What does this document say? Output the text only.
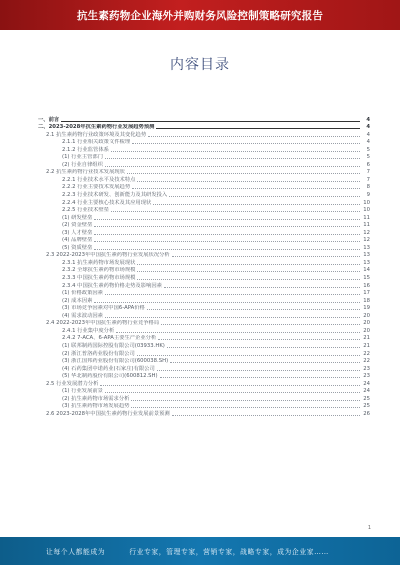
抗生素药物企业海外并购财务风险控制策略研究报告
内容目录
一、前言	4
二、2023-2028年抗生素药物行业发展趋势预测	4
2.1 抗生素药物行业政策环境及其变化趋势	4
2.1.1 行业相关政策文件梳理	4
2.1.2 行业监管体系	5
(1) 行业主管部门	5
(2) 行业自律组织	6
2.2 抗生素药物行业技术发展现状	7
2.2.1 行业技术水平及技术特点	7
2.2.2 行业主要技术发展趋势	8
2.2.3 行业技术研发、创新能力及其研发投入	9
2.2.4 行业主要核心技术及其应用现状	10
2.2.5 行业技术壁垒	10
(1) 研发壁垒	11
(2) 资金壁垒	11
(3) 人才壁垒	12
(4) 品牌壁垒	12
(5) 资质壁垒	13
2.3 2022-2023年中国抗生素药物行业发展状况分析	13
2.3.1 抗生素药物市场发展现状	13
2.3.2 全球抗生素药物市场规模	14
2.3.3 中国抗生素药物市场规模	15
2.3.4 中国抗生素药物价格走势及影响因素	16
(1) 价格政策因素	17
(2) 成本因素	18
(3) 市场竞争因素对中国6-APA价格	19
(4) 需求波动因素	20
2.4 2022-2023年中国抗生素药物行业竞争格局	20
2.4.1 行业集中度分析	20
2.4.2 7-ACA、6-APA主要生产企业分析	21
(1) 联邦制药国际控股有限公司(03933.HK)	21
(2) 浙江普洛药业股份有限公司	22
(3) 浙江国邦药业股份有限公司(600038.SH)	22
(4) 石药集团中诺药业(石家庄)有限公司	23
(5) 华北制药股份有限公司(600812.SH)	23
2.5 行业发展潜力分析	24
(1) 行业发展前景	24
(2) 抗生素药物市场需求分析	25
(3) 抗生素药物市场发展趋势	25
2.6 2023-2028年中国抗生素药物行业发展前景预测	26
1
让每个人都能成为	行业专家，管理专家，营销专家，战略专家，成为企业家……
